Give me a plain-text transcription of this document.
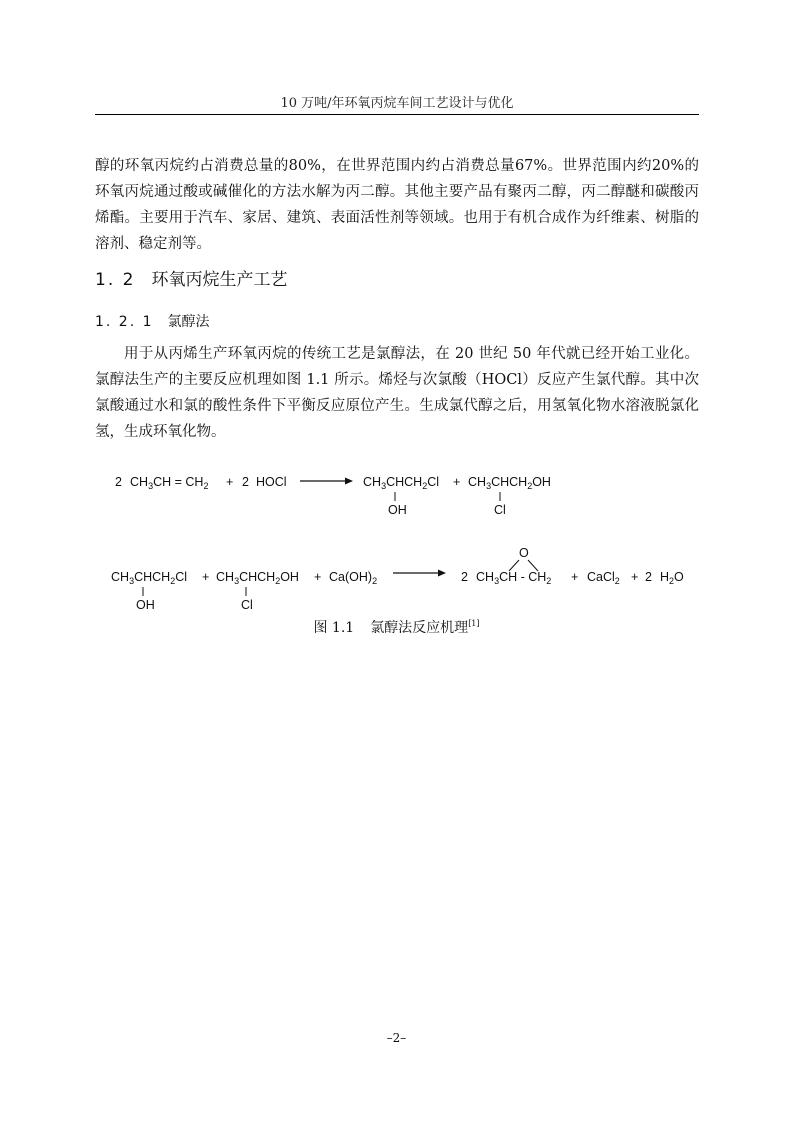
10 万吨/年环氧丙烷车间工艺设计与优化

醇的环氧丙烷约占消费总量的80%，在世界范围内约占消费总量67%。世界范围内约20%的环氧丙烷通过酸或碱催化的方法水解为丙二醇。其他主要产品有聚丙二醇，丙二醇醚和碳酸丙烯酯。主要用于汽车、家居、建筑、表面活性剂等领域。也用于有机合成作为纤维素、树脂的溶剂、稳定剂等。

1. 2 环氧丙烷生产工艺
1. 2. 1 氯醇法

用于从丙烯生产环氧丙烷的传统工艺是氯醇法，在 20 世纪 50 年代就已经开始工业化。氯醇法生产的主要反应机理如图 1.1 所示。烯烃与次氯酸（HOCl）反应产生氯代醇。其中次氯酸通过水和氯的酸性条件下平衡反应原位产生。生成氯代醇之后，用氢氧化物水溶液脱氯化氢，生成环氧化物。

2 $CH_3CH = CH_2 + 2$ HOCl	$CH_3CHCH_2Cl$
OH
+ $CH_3CHCH_2OH$
Cl
$CH_3CHCH_2Cl$
OH
+ $CH_3CHCH_2OH$
Cl
+ $Ca(OH)_2$	2 $CH_3CH - CH_2$
O
+ CaCl$_2$ + 2 $H_2O$
图 1.1 氯醇法反应机理[1]
–2–
